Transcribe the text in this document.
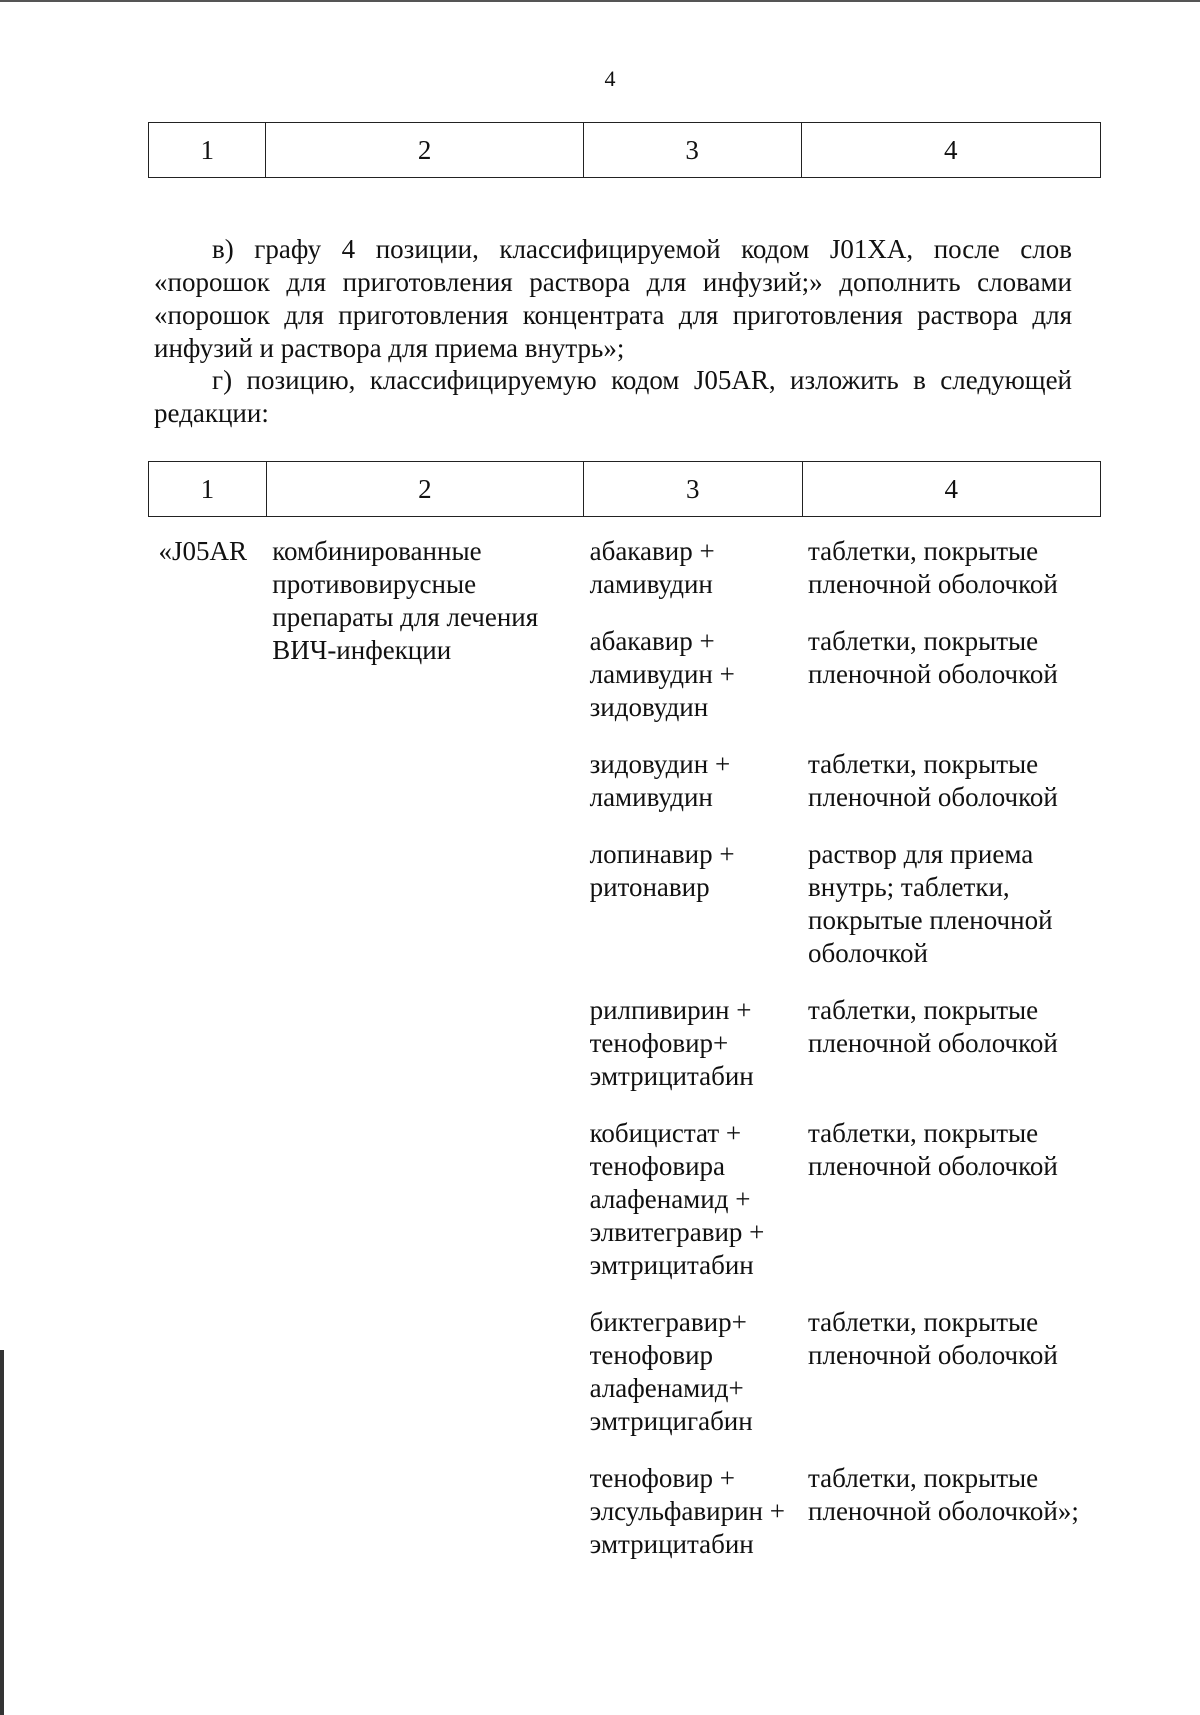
4
1	2	3	4
в) графу 4 позиции, классифицируемой кодом J01XA, после слов «порошок для приготовления раствора для инфузий;» дополнить словами «порошок для приготовления концентрата для приготовления раствора для инфузий и раствора для приема внутрь»;
г) позицию, классифицируемую кодом J05AR, изложить в следующей редакции:
1	2	3	4
«J05AR	комбинированные противовирусные препараты для лечения ВИЧ-инфекции	абакавир + ламивудин	таблетки, покрытые пленочной оболочкой
		абакавир + ламивудин + зидовудин	таблетки, покрытые пленочной оболочкой
		зидовудин + ламивудин	таблетки, покрытые пленочной оболочкой
		лопинавир + ритонавир	раствор для приема внутрь; таблетки, покрытые пленочной оболочкой
		рилпивирин + тенофовир+ эмтрицитабин	таблетки, покрытые пленочной оболочкой
		кобицистат + тенофовира алафенамид + элвитегравир + эмтрицитабин	таблетки, покрытые пленочной оболочкой
		биктегравир+ тенофовир алафенамид+ эмтрицигабин	таблетки, покрытые пленочной оболочкой
		тенофовир + элсульфавирин + эмтрицитабин	таблетки, покрытые пленочной оболочкой»;
